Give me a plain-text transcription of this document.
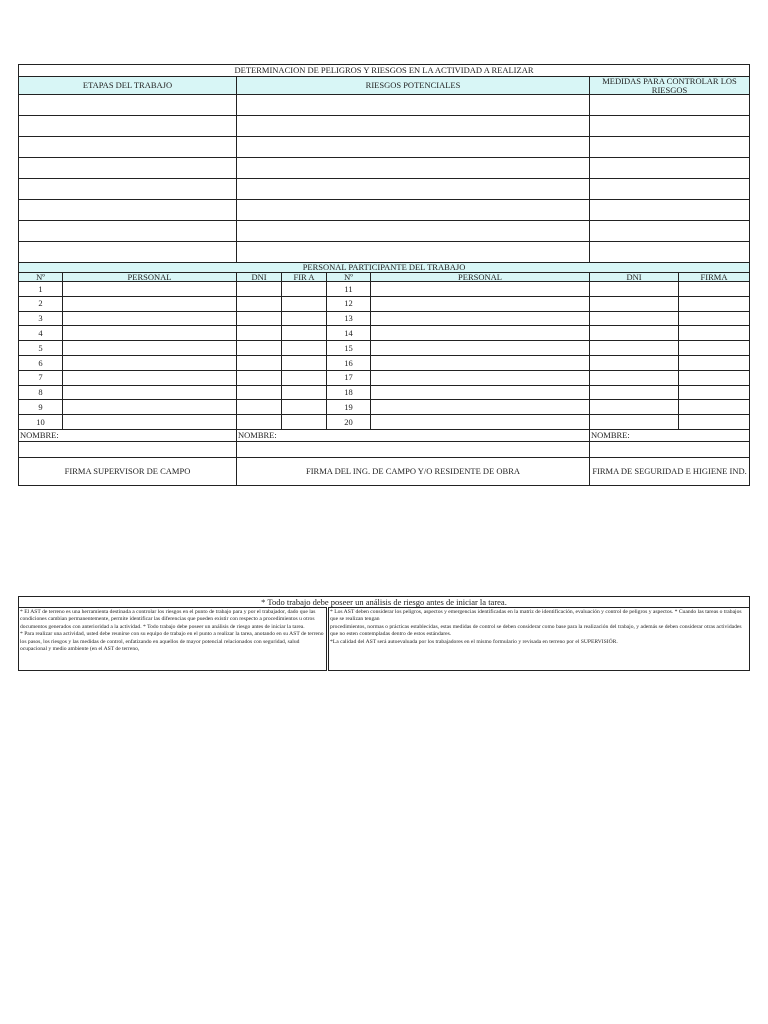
DETERMINACION DE PELIGROS Y RIESGOS EN LA ACTIVIDAD A REALIZAR							
ETAPAS DEL TRABAJO		RIESGOS POTENCIALES				MEDIDAS PARA CONTROLAR LOS RIESGOS	

PERSONAL PARTICIPANTE DEL TRABAJO							
Nº	PERSONAL	DNI	FIR A	Nº	PERSONAL	DNI	FIRMA
1				11			
2				12			
3				13			
4				14			
5				15			
6				16			
7				17			
8				18			
9				19			
10				20			
NOMBRE:		NOMBRE:				NOMBRE:	

FIRMA SUPERVISOR DE CAMPO		FIRMA DEL ING. DE CAMPO Y/O RESIDENTE DE OBRA				FIRMA DE SEGURIDAD E HIGIENE IND.	
* Todo trabajo debe poseer un análisis de riesgo antes de iniciar la tarea.

* El AST de terreno es una herramienta destinada a controlar los riesgos en el punto de trabajo para y por el trabajador, dado que las condiciones cambian permanentemente, permite identificar las diferencias que pueden existir con respecto a procedimientos u otros documentos generados con anterioridad a la actividad. * Todo trabajo debe poseer un análisis de riesgo antes de iniciar la tarea.
* Para realizar una actividad, usted debe reunirse con su equipo de trabajo en el punto a realizar la tarea, anotando en su AST de terreno los pasos, los riesgos y las medidas de control, enfatizando en aquellos de mayor potencial relacionados con seguridad, salud ocupacional y medio ambiente (en el AST de terreno,

* Los AST deben considerar los peligros, aspectos y emergencias identificadas en la matriz de identificación, evaluación y control de peligros y aspectos. * Cuando las tareas o trabajos que se realizan tengan
procedimientos, normas o prácticas establecidas, estas medidas de control se deben considerar como base para la realización del trabajo, y además se deben considerar otras actividades que no esten contempladas dentro de estos estándares.
*La calidad del AST será autoevaluada por los trabajadores en el mismo formulario y revisada en terreno por el SUPERVISIÓR.
